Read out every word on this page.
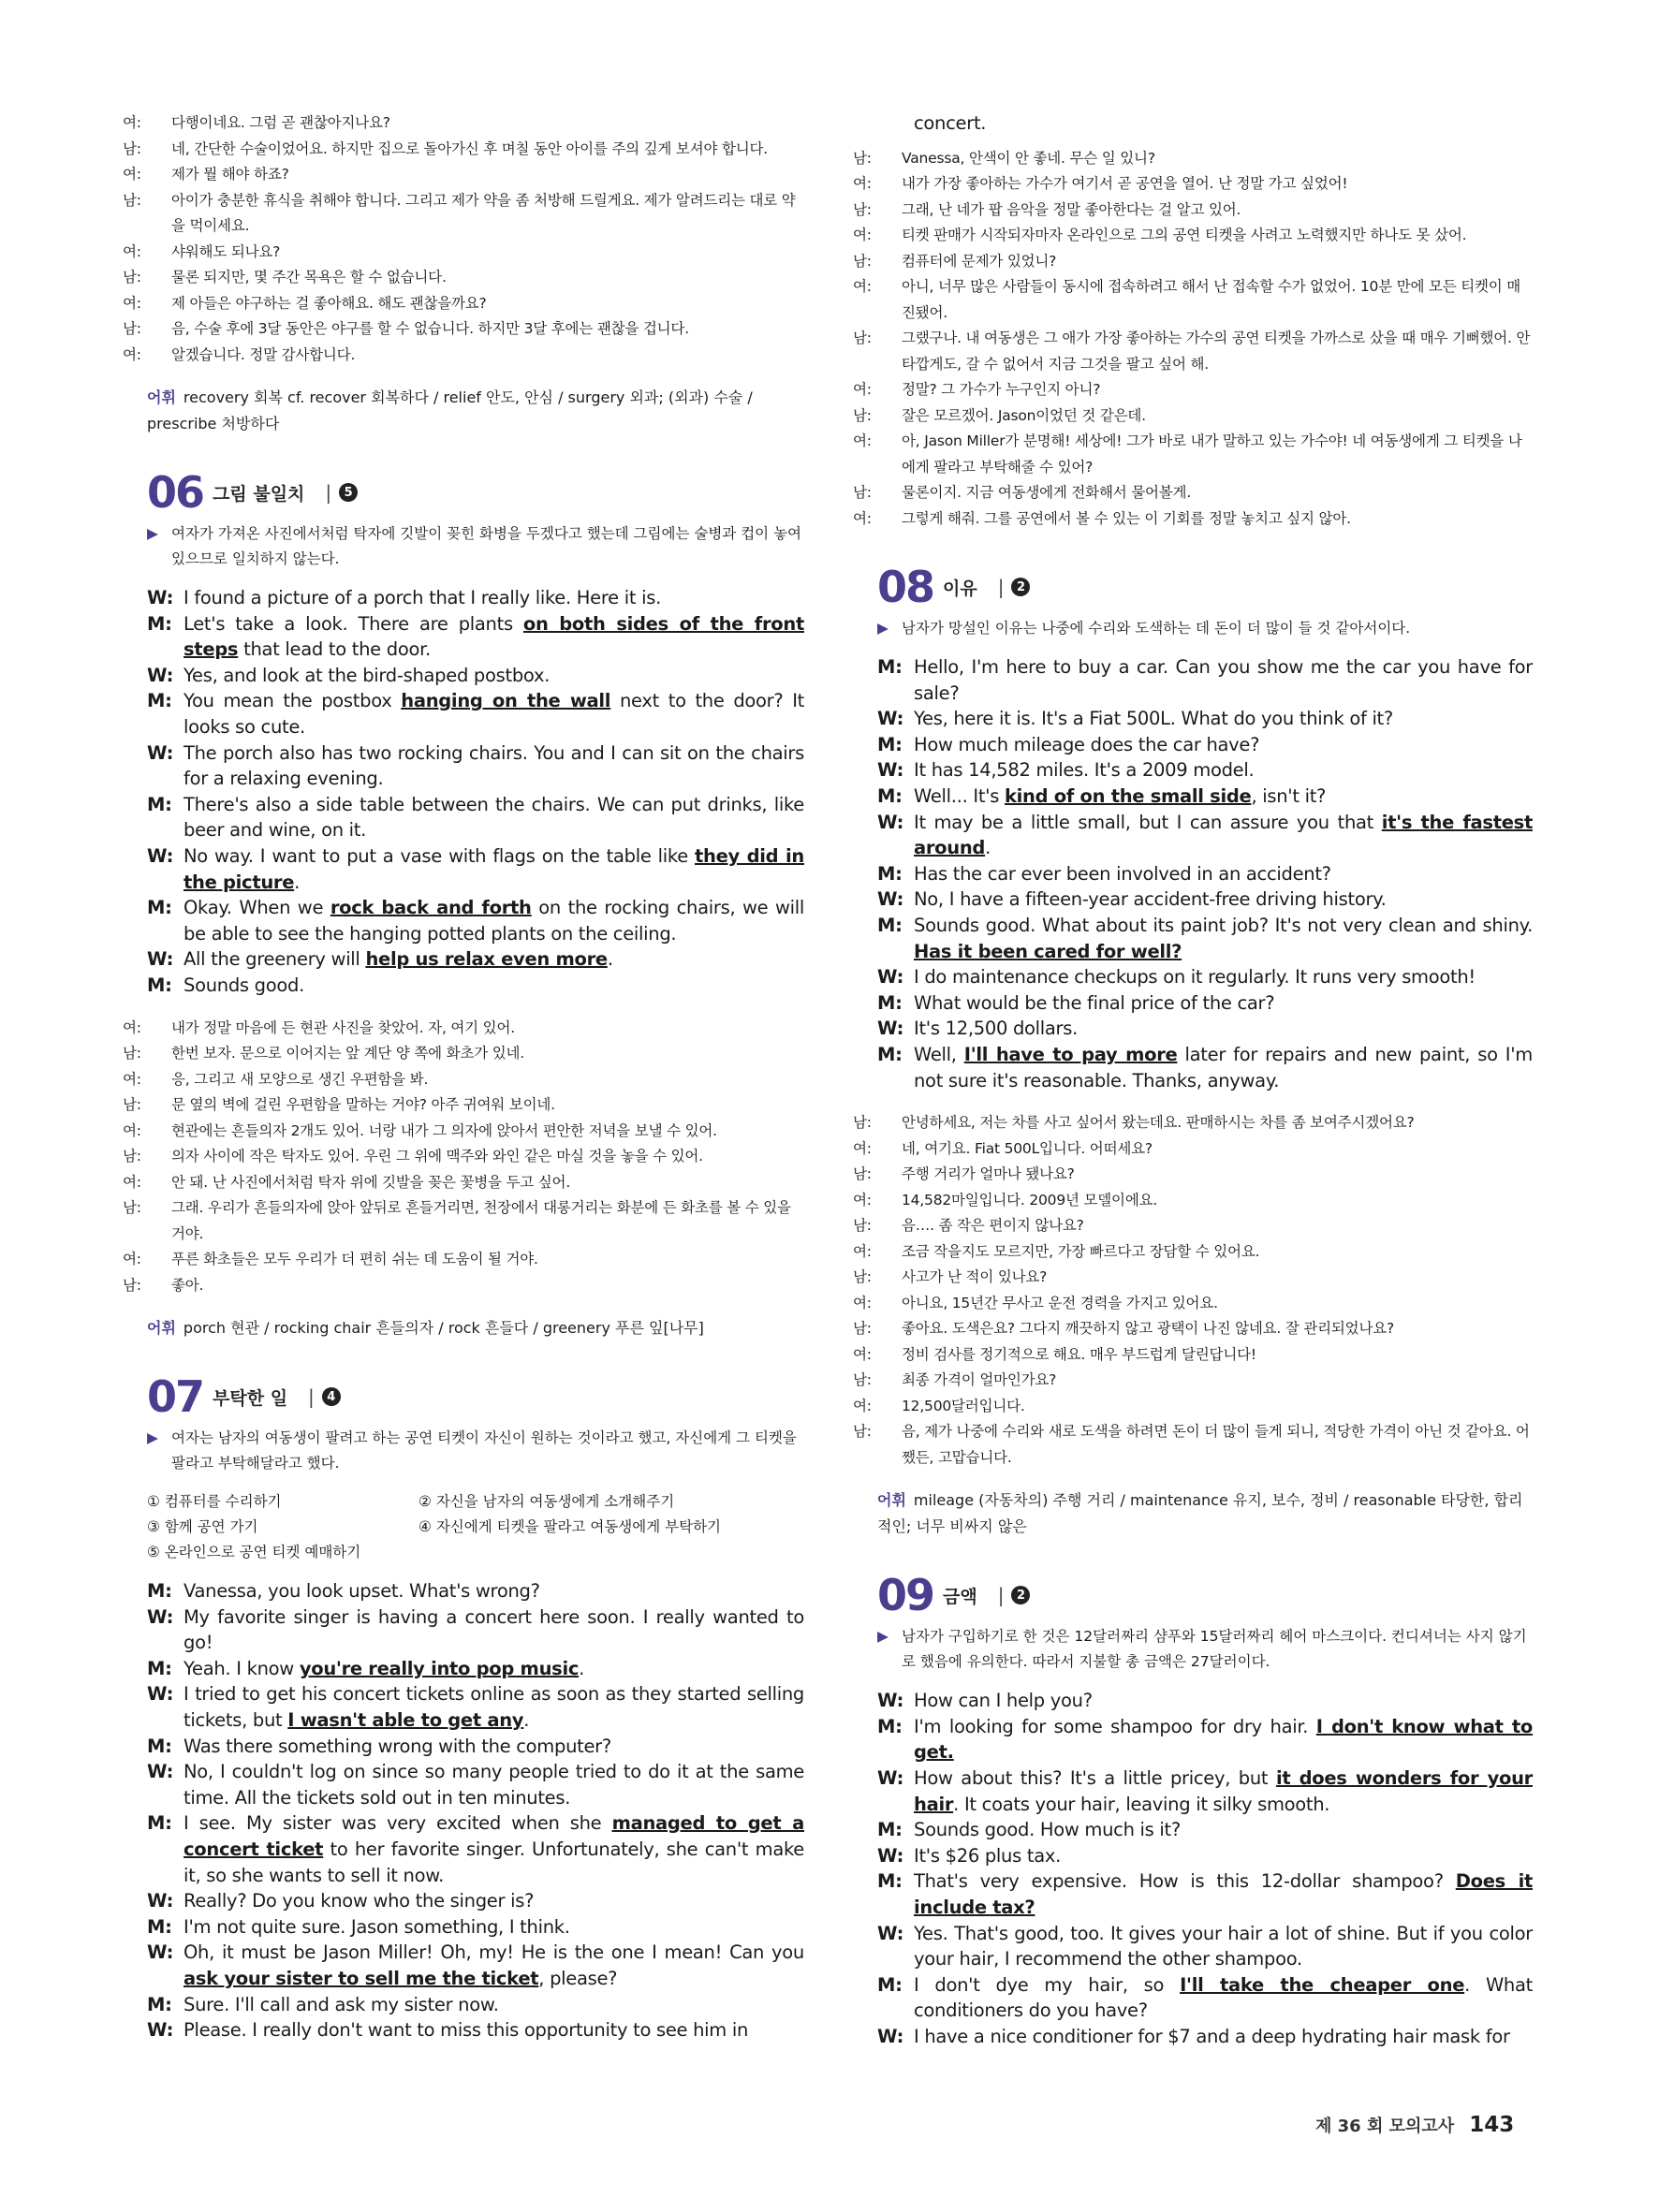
여: 다행이네요. 그럼 곧 괜찮아지나요?
남: 네, 간단한 수술이었어요. 하지만 집으로 돌아가신 후 며칠 동안 아이를 주의 깊게 보셔야 합니다.
여: 제가 뭘 해야 하죠?
남: 아이가 충분한 휴식을 취해야 합니다. 그리고 제가 약을 좀 처방해 드릴게요. 제가 알려드리는 대로 약을 먹이세요.
여: 샤워해도 되나요?
남: 물론 되지만, 몇 주간 목욕은 할 수 없습니다.
여: 제 아들은 야구하는 걸 좋아해요. 해도 괜찮을까요?
남: 음, 수술 후에 3달 동안은 야구를 할 수 없습니다. 하지만 3달 후에는 괜찮을 겁니다.
여: 알겠습니다. 정말 감사합니다.
어휘 recovery 회복 cf. recover 회복하다 / relief 안도, 안심 / surgery 외과; (외과) 수술 / prescribe 처방하다
06 그림 불일치 |	5
▶ 여자가 가져온 사진에서처럼 탁자에 깃발이 꽂힌 화병을 두겠다고 했는데 그림에는 술병과 컵이 놓여 있으므로 일치하지 않는다.

W: I found a picture of a porch that I really like. Here it is.

M: Let's take a look. There are plants on both sides of the front steps that lead to the door.

W: Yes, and look at the bird-shaped postbox.

M: You mean the postbox hanging on the wall next to the door? It looks so cute.

W: The porch also has two rocking chairs. You and I can sit on the chairs for a relaxing evening.

M: There's also a side table between the chairs. We can put drinks, like beer and wine, on it.

W: No way. I want to put a vase with flags on the table like they did in the picture.

M: Okay. When we rock back and forth on the rocking chairs, we will be able to see the hanging potted plants on the ceiling.

W: All the greenery will help us relax even more.

M: Sounds good.

여: 내가 정말 마음에 든 현관 사진을 찾았어. 자, 여기 있어.
남: 한번 보자. 문으로 이어지는 앞 계단 양 쪽에 화초가 있네.
여: 응, 그리고 새 모양으로 생긴 우편함을 봐.
남: 문 옆의 벽에 걸린 우편함을 말하는 거야? 아주 귀여워 보이네.
여: 현관에는 흔들의자 2개도 있어. 너랑 내가 그 의자에 앉아서 편안한 저녁을 보낼 수 있어.
남: 의자 사이에 작은 탁자도 있어. 우린 그 위에 맥주와 와인 같은 마실 것을 놓을 수 있어.
여: 안 돼. 난 사진에서처럼 탁자 위에 깃발을 꽂은 꽃병을 두고 싶어.
남: 그래. 우리가 흔들의자에 앉아 앞뒤로 흔들거리면, 천장에서 대롱거리는 화분에 든 화초를 볼 수 있을 거야.
여: 푸른 화초들은 모두 우리가 더 편히 쉬는 데 도움이 될 거야.
남: 좋아.
어휘 porch 현관 / rocking chair 흔들의자 / rock 흔들다 / greenery 푸른 잎[나무]
07 부탁한 일 |	4
▶ 여자는 남자의 여동생이 팔려고 하는 공연 티켓이 자신이 원하는 것이라고 했고, 자신에게 그 티켓을 팔라고 부탁해달라고 했다.
① 컴퓨터를 수리하기	② 자신을 남자의 여동생에게 소개해주기
③ 함께 공연 가기	④ 자신에게 티켓을 팔라고 여동생에게 부탁하기
⑤ 온라인으로 공연 티켓 예매하기

M: Vanessa, you look upset. What's wrong?

W: My favorite singer is having a concert here soon. I really wanted to go!

M: Yeah. I know you're really into pop music.

W: I tried to get his concert tickets online as soon as they started selling tickets, but I wasn't able to get any.

M: Was there something wrong with the computer?

W: No, I couldn't log on since so many people tried to do it at the same time. All the tickets sold out in ten minutes.

M: I see. My sister was very excited when she managed to get a concert ticket to her favorite singer. Unfortunately, she can't make it, so she wants to sell it now.

W: Really? Do you know who the singer is?

M: I'm not quite sure. Jason something, I think.

W: Oh, it must be Jason Miller! Oh, my! He is the one I mean! Can you ask your sister to sell me the ticket, please?

M: Sure. I'll call and ask my sister now.

W: Please. I really don't want to miss this opportunity to see him in

concert.

남: Vanessa, 안색이 안 좋네. 무슨 일 있니?
여: 내가 가장 좋아하는 가수가 여기서 곧 공연을 열어. 난 정말 가고 싶었어!
남: 그래, 난 네가 팝 음악을 정말 좋아한다는 걸 알고 있어.
여: 티켓 판매가 시작되자마자 온라인으로 그의 공연 티켓을 사려고 노력했지만 하나도 못 샀어.
남: 컴퓨터에 문제가 있었니?
여: 아니, 너무 많은 사람들이 동시에 접속하려고 해서 난 접속할 수가 없었어. 10분 만에 모든 티켓이 매진됐어.
남: 그랬구나. 내 여동생은 그 애가 가장 좋아하는 가수의 공연 티켓을 가까스로 샀을 때 매우 기뻐했어. 안타깝게도, 갈 수 없어서 지금 그것을 팔고 싶어 해.
여: 정말? 그 가수가 누구인지 아니?
남: 잘은 모르겠어. Jason이었던 것 같은데.
여: 아, Jason Miller가 분명해! 세상에! 그가 바로 내가 말하고 있는 가수야! 네 여동생에게 그 티켓을 나에게 팔라고 부탁해줄 수 있어?
남: 물론이지. 지금 여동생에게 전화해서 물어볼게.
여: 그렇게 해줘. 그를 공연에서 볼 수 있는 이 기회를 정말 놓치고 싶지 않아.
08 이유 |	2
▶ 남자가 망설인 이유는 나중에 수리와 도색하는 데 돈이 더 많이 들 것 같아서이다.

M: Hello, I'm here to buy a car. Can you show me the car you have for sale?

W: Yes, here it is. It's a Fiat 500L. What do you think of it?

M: How much mileage does the car have?

W: It has 14,582 miles. It's a 2009 model.

M: Well... It's kind of on the small side, isn't it?

W: It may be a little small, but I can assure you that it's the fastest around.

M: Has the car ever been involved in an accident?

W: No, I have a fifteen-year accident-free driving history.

M: Sounds good. What about its paint job? It's not very clean and shiny. Has it been cared for well?

W: I do maintenance checkups on it regularly. It runs very smooth!

M: What would be the final price of the car?

W: It's 12,500 dollars.

M: Well, I'll have to pay more later for repairs and new paint, so I'm not sure it's reasonable. Thanks, anyway.

남: 안녕하세요, 저는 차를 사고 싶어서 왔는데요. 판매하시는 차를 좀 보여주시겠어요?
여: 네, 여기요. Fiat 500L입니다. 어떠세요?
남: 주행 거리가 얼마나 됐나요?
여: 14,582마일입니다. 2009년 모델이에요.
남: 음…. 좀 작은 편이지 않나요?
여: 조금 작을지도 모르지만, 가장 빠르다고 장담할 수 있어요.
남: 사고가 난 적이 있나요?
여: 아니요, 15년간 무사고 운전 경력을 가지고 있어요.
남: 좋아요. 도색은요? 그다지 깨끗하지 않고 광택이 나진 않네요. 잘 관리되었나요?
여: 정비 검사를 정기적으로 해요. 매우 부드럽게 달린답니다!
남: 최종 가격이 얼마인가요?
여: 12,500달러입니다.
남: 음, 제가 나중에 수리와 새로 도색을 하려면 돈이 더 많이 들게 되니, 적당한 가격이 아닌 것 같아요. 어쨌든, 고맙습니다.
어휘 mileage (자동차의) 주행 거리 / maintenance 유지, 보수, 정비 / reasonable 타당한, 합리적인; 너무 비싸지 않은
09 금액 |	2
▶ 남자가 구입하기로 한 것은 12달러짜리 샴푸와 15달러짜리 헤어 마스크이다. 컨디셔너는 사지 않기로 했음에 유의한다. 따라서 지불할 총 금액은 27달러이다.

W: How can I help you?

M: I'm looking for some shampoo for dry hair. I don't know what to get.

W: How about this? It's a little pricey, but it does wonders for your hair. It coats your hair, leaving it silky smooth.

M: Sounds good. How much is it?

W: It's $26 plus tax.

M: That's very expensive. How is this 12-dollar shampoo? Does it include tax?

W: Yes. That's good, too. It gives your hair a lot of shine. But if you color your hair, I recommend the other shampoo.

M: I don't dye my hair, so I'll take the cheaper one. What conditioners do you have?

W: I have a nice conditioner for $7 and a deep hydrating hair mask for

제 36 회 모의고사 143
